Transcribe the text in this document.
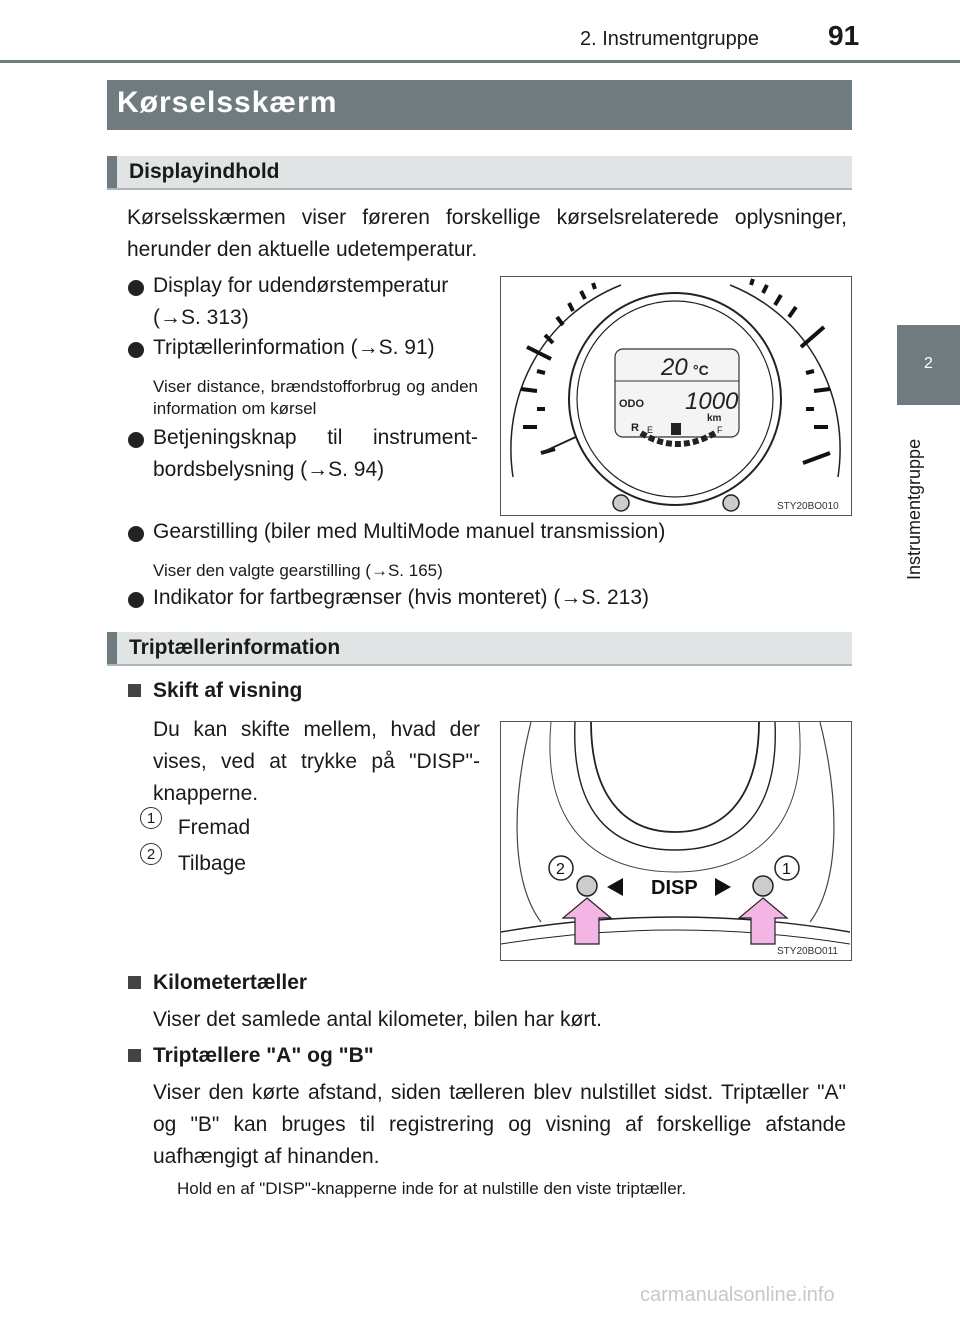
2. Instrumentgruppe 91
2
Instrumentgruppe
Kørselsskærm
Displayindhold
Kørselsskærmen viser føreren forskellige kørselsrelaterede oplysninger, herunder den aktuelle udetemperatur.
Display for udendørstemperatur
(→S. 313)
Triptællerinformation (→S. 91)
Viser distance, brændstofforbrug og anden information om kørsel
Betjeningsknap til instrument-
bordsbelysning (→S. 94)
Gearstilling (biler med MultiMode manuel transmission)
Viser den valgte gearstilling (→S. 165)
Indikator for fartbegrænser (hvis monteret) (→S. 213)
20 °C
ODO 1000
km
R E	F
STY20BO010
Triptællerinformation
Skift af visning
Du kan skifte mellem, hvad der vises, ved at trykke på "DISP"-knapperne.
1 Fremad
2 Tilbage
DISP
2	1
STY20BO011
Kilometertæller
Viser det samlede antal kilometer, bilen har kørt.
Triptællere "A" og "B"
Viser den kørte afstand, siden tælleren blev nulstillet sidst. Triptæller "A" og "B" kan bruges til registrering og visning af forskellige afstande uafhængigt af hinanden.
Hold en af "DISP"-knapperne inde for at nulstille den viste triptæller.
carmanualsonline.info
